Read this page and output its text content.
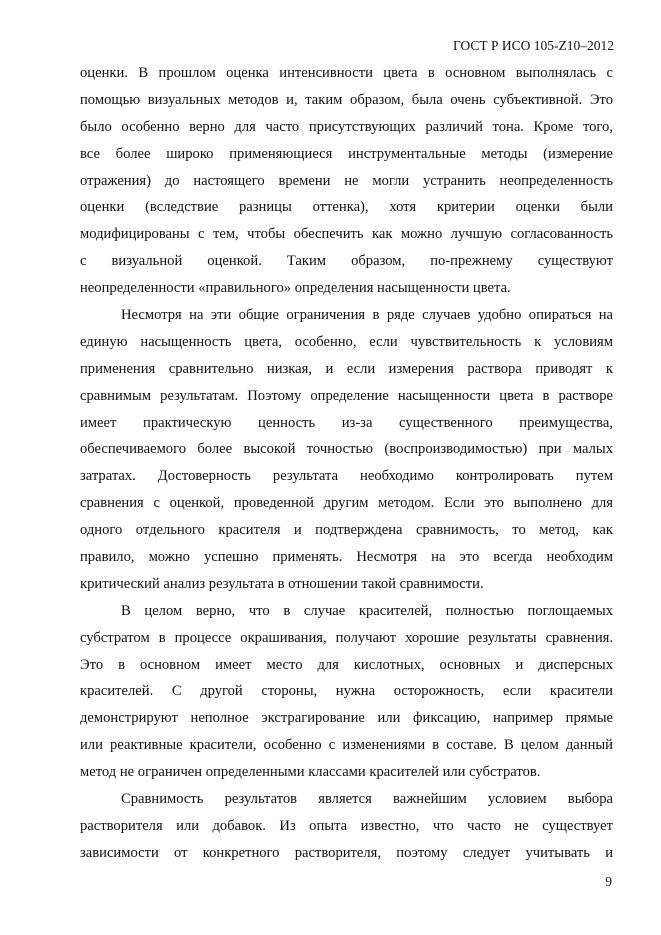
ГОСТ Р ИСО 105-Z10–2012
оценки. В прошлом оценка интенсивности цвета в основном выполнялась с
помощью визуальных методов и, таким образом, была очень субъективной. Это
было особенно верно для часто присутствующих различий тона. Кроме того,
все более широко применяющиеся инструментальные методы (измерение
отражения) до настоящего времени не могли устранить неопределенность
оценки (вследствие разницы оттенка), хотя критерии оценки были
модифицированы с тем, чтобы обеспечить как можно лучшую согласованность
с визуальной оценкой. Таким образом, по-прежнему существуют
неопределенности «правильного» определения насыщенности цвета.
Несмотря на эти общие ограничения в ряде случаев удобно опираться на
единую насыщенность цвета, особенно, если чувствительность к условиям
применения сравнительно низкая, и если измерения раствора приводят к
сравнимым результатам. Поэтому определение насыщенности цвета в растворе
имеет практическую ценность из-за существенного преимущества,
обеспечиваемого более высокой точностью (воспроизводимостью) при малых
затратах. Достоверность результата необходимо контролировать путем
сравнения с оценкой, проведенной другим методом. Если это выполнено для
одного отдельного красителя и подтверждена сравнимость, то метод, как
правило, можно успешно применять. Несмотря на это всегда необходим
критический анализ результата в отношении такой сравнимости.
В целом верно, что в случае красителей, полностью поглощаемых
субстратом в процессе окрашивания, получают хорошие результаты сравнения.
Это в основном имеет место для кислотных, основных и дисперсных
красителей. С другой стороны, нужна осторожность, если красители
демонстрируют неполное экстрагирование или фиксацию, например прямые
или реактивные красители, особенно с изменениями в составе. В целом данный
метод не ограничен определенными классами красителей или субстратов.
Сравнимость результатов является важнейшим условием выбора
растворителя или добавок. Из опыта известно, что часто не существует
зависимости от конкретного растворителя, поэтому следует учитывать и
9
